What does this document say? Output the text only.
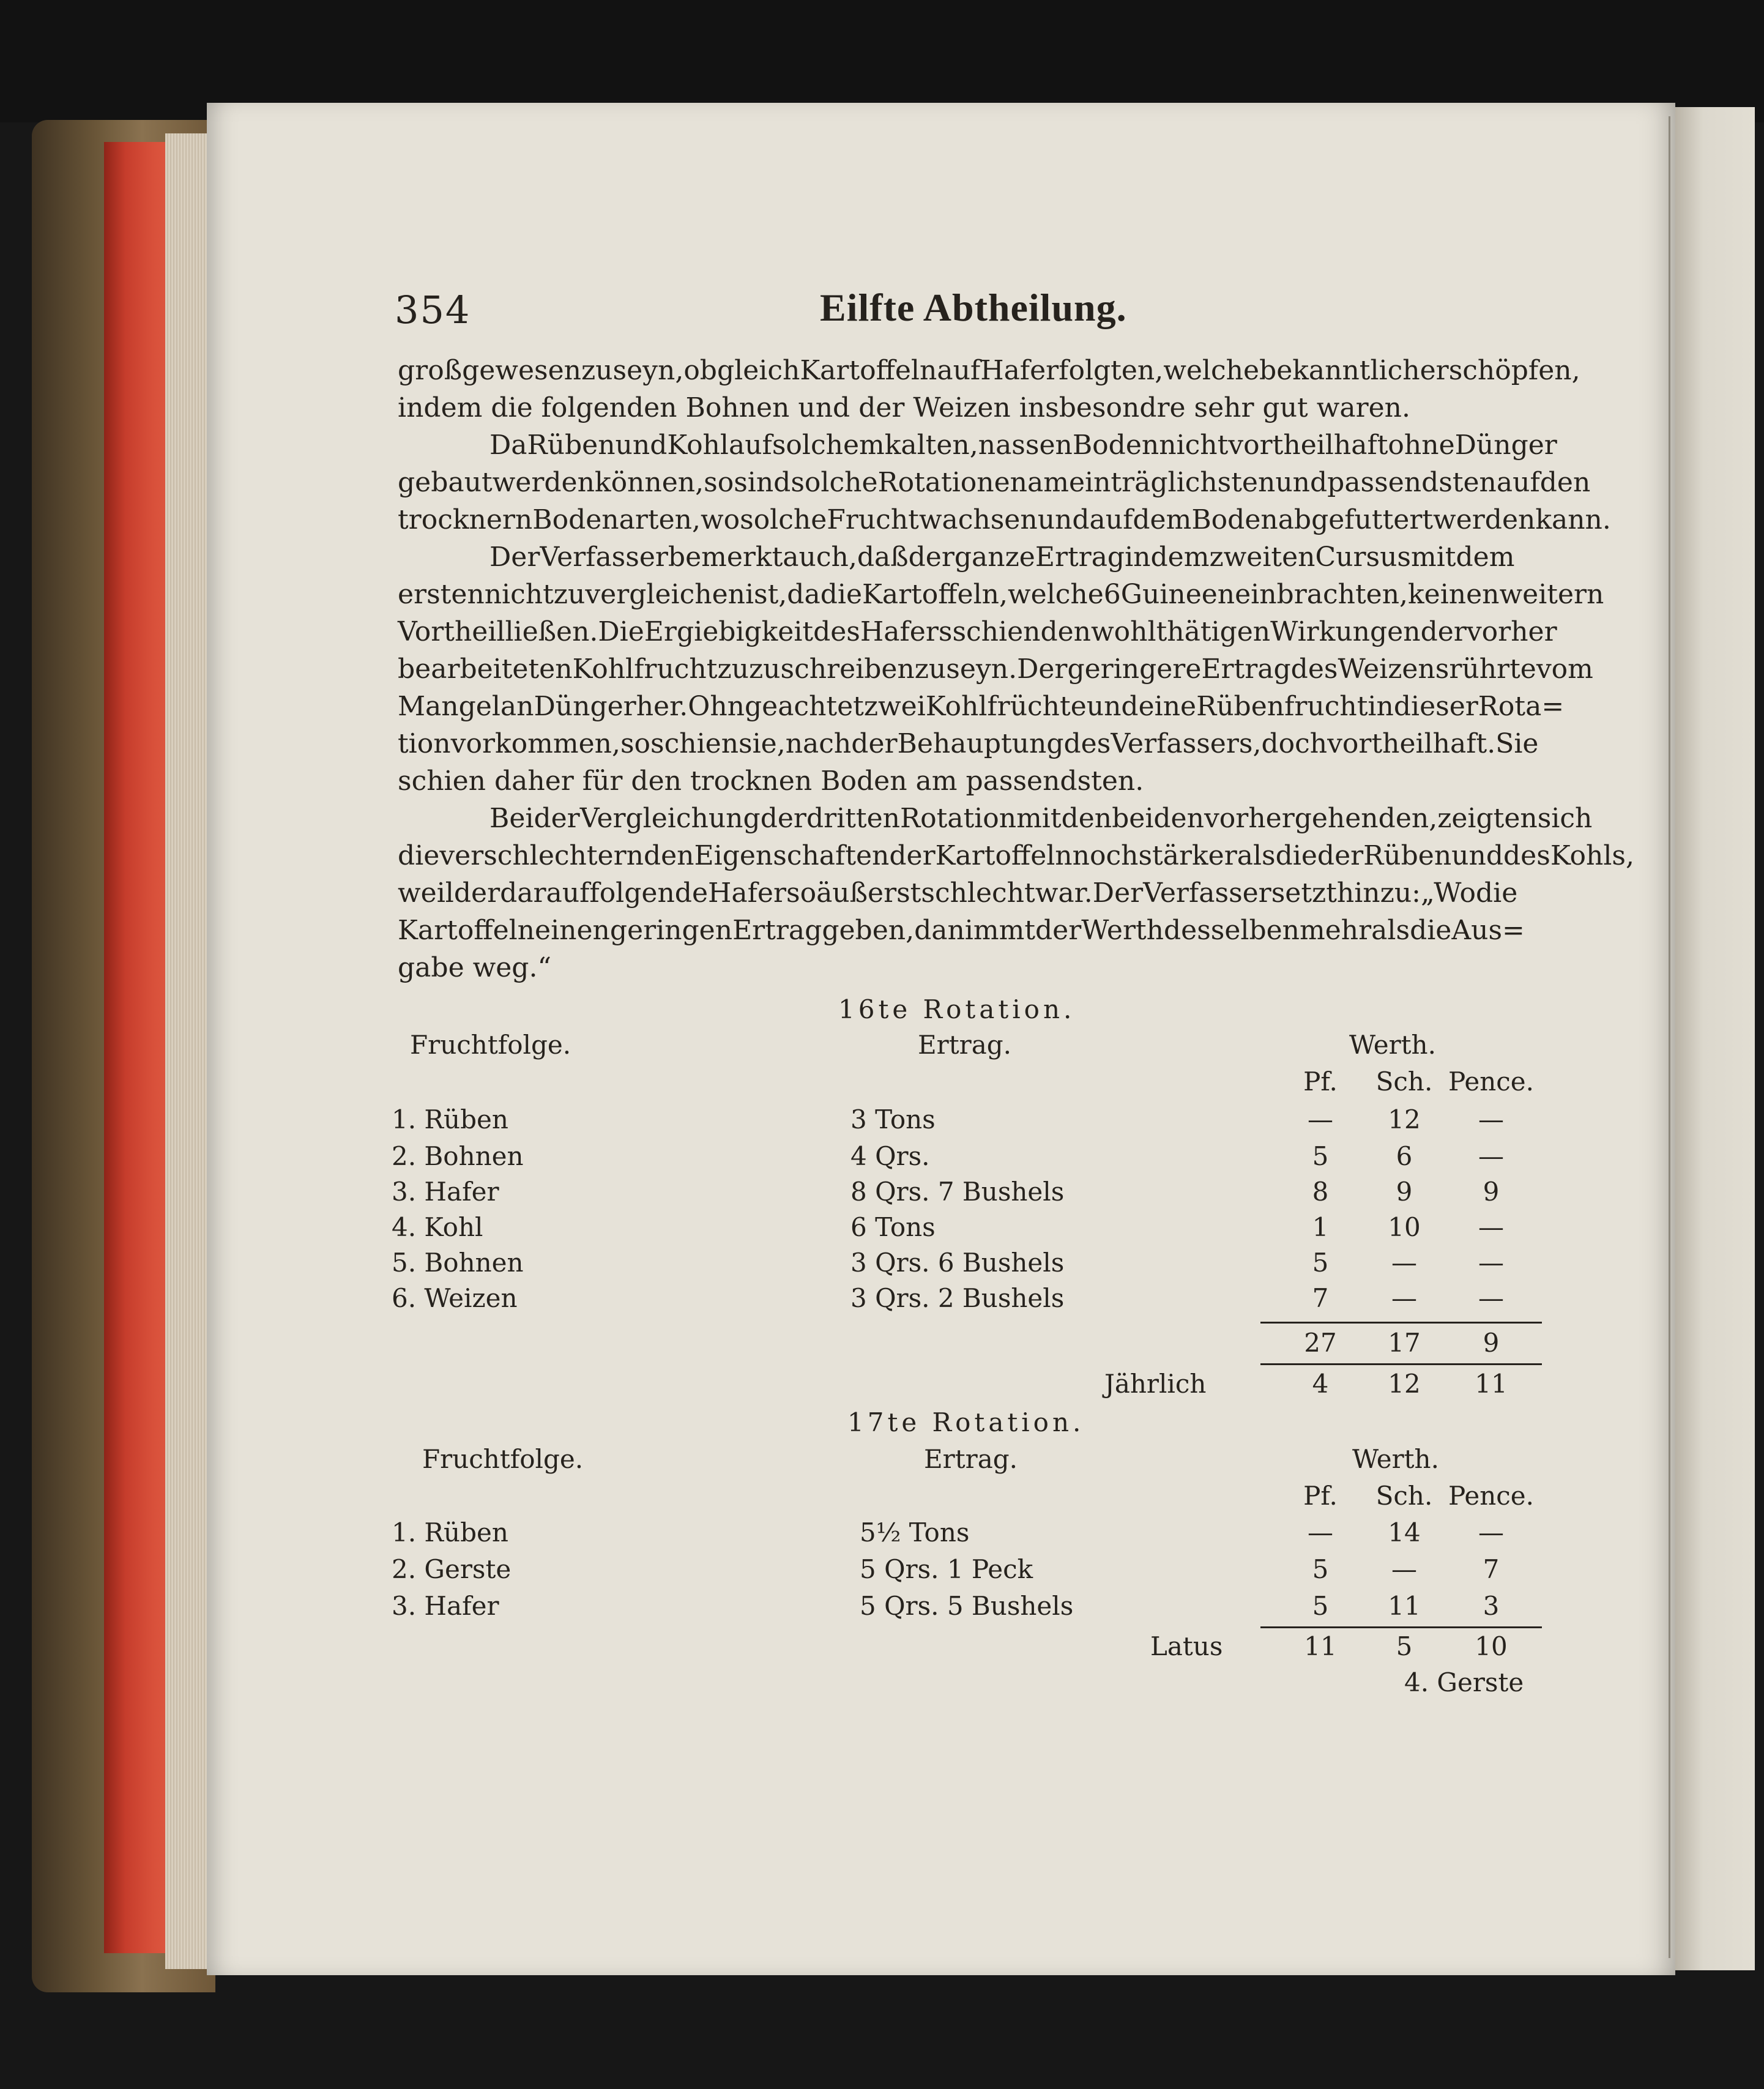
354	Eilfte Abtheilung.
groß gewesen zu seyn, obgleich Kartoffeln auf Hafer folgten, welche bekanntlich erschöpfen,
indem die folgenden Bohnen und der Weizen insbesondre sehr gut waren.
Da Rüben und Kohl auf solchem kalten, nassen Boden nicht vortheilhaft ohne Dünger
gebaut werden können, so sind solche Rotationen am einträglichsten und passendsten auf den
trocknern Bodenarten, wo solche Frucht wachsen und auf dem Boden abgefuttert werden kann.
Der Verfasser bemerkt auch, daß der ganze Ertrag in dem zweiten Cursus mit dem
ersten nicht zu vergleichen ist, da die Kartoffeln, welche 6 Guineen einbrachten, keinen weitern
Vortheil ließen. Die Ergiebigkeit des Hafers schien den wohlthätigen Wirkungen der vorher
bearbeiteten Kohlfrucht zuzuschreiben zu seyn. Der geringere Ertrag des Weizens rührte vom
Mangel an Dünger her. Ohngeachtet zwei Kohlfrüchte und eine Rübenfrucht in dieser Rota=
tion vorkommen, so schien sie, nach der Behauptung des Verfassers, doch vortheilhaft. Sie
schien daher für den trocknen Boden am passendsten.
Bei der Vergleichung der dritten Rotation mit den beiden vorhergehenden, zeigten sich
die verschlechternden Eigenschaften der Kartoffeln noch stärker als die der Rüben und des Kohls,
weil der darauf folgende Hafer so äußerst schlecht war. Der Verfasser setzt hinzu: „Wo die
Kartoffeln einen geringen Ertrag geben, da nimmt der Werth desselben mehr als die Aus=
gabe weg.“
16te Rotation.
Fruchtfolge.	Ertrag.	Werth.
Pf.	Sch. Pence.
1. Rüben	3 Tons	—	12	—
2. Bohnen	4 Qrs.	5	6	—
3. Hafer	8 Qrs. 7 Bushels	8	9	9
4. Kohl	6 Tons	1	10	—
5. Bohnen	3 Qrs. 6 Bushels	5	—	—
6. Weizen	3 Qrs. 2 Bushels	7	—	—
27	17	9
Jährlich	4	12	11
17te Rotation.
Fruchtfolge.	Ertrag.	Werth.
Pf.	Sch. Pence.
1. Rüben	5½ Tons	—	14	—
2. Gerste	5 Qrs. 1 Peck	5	—	7
3. Hafer	5 Qrs. 5 Bushels	5	11	3
Latus	11	5	10
4. Gerste
